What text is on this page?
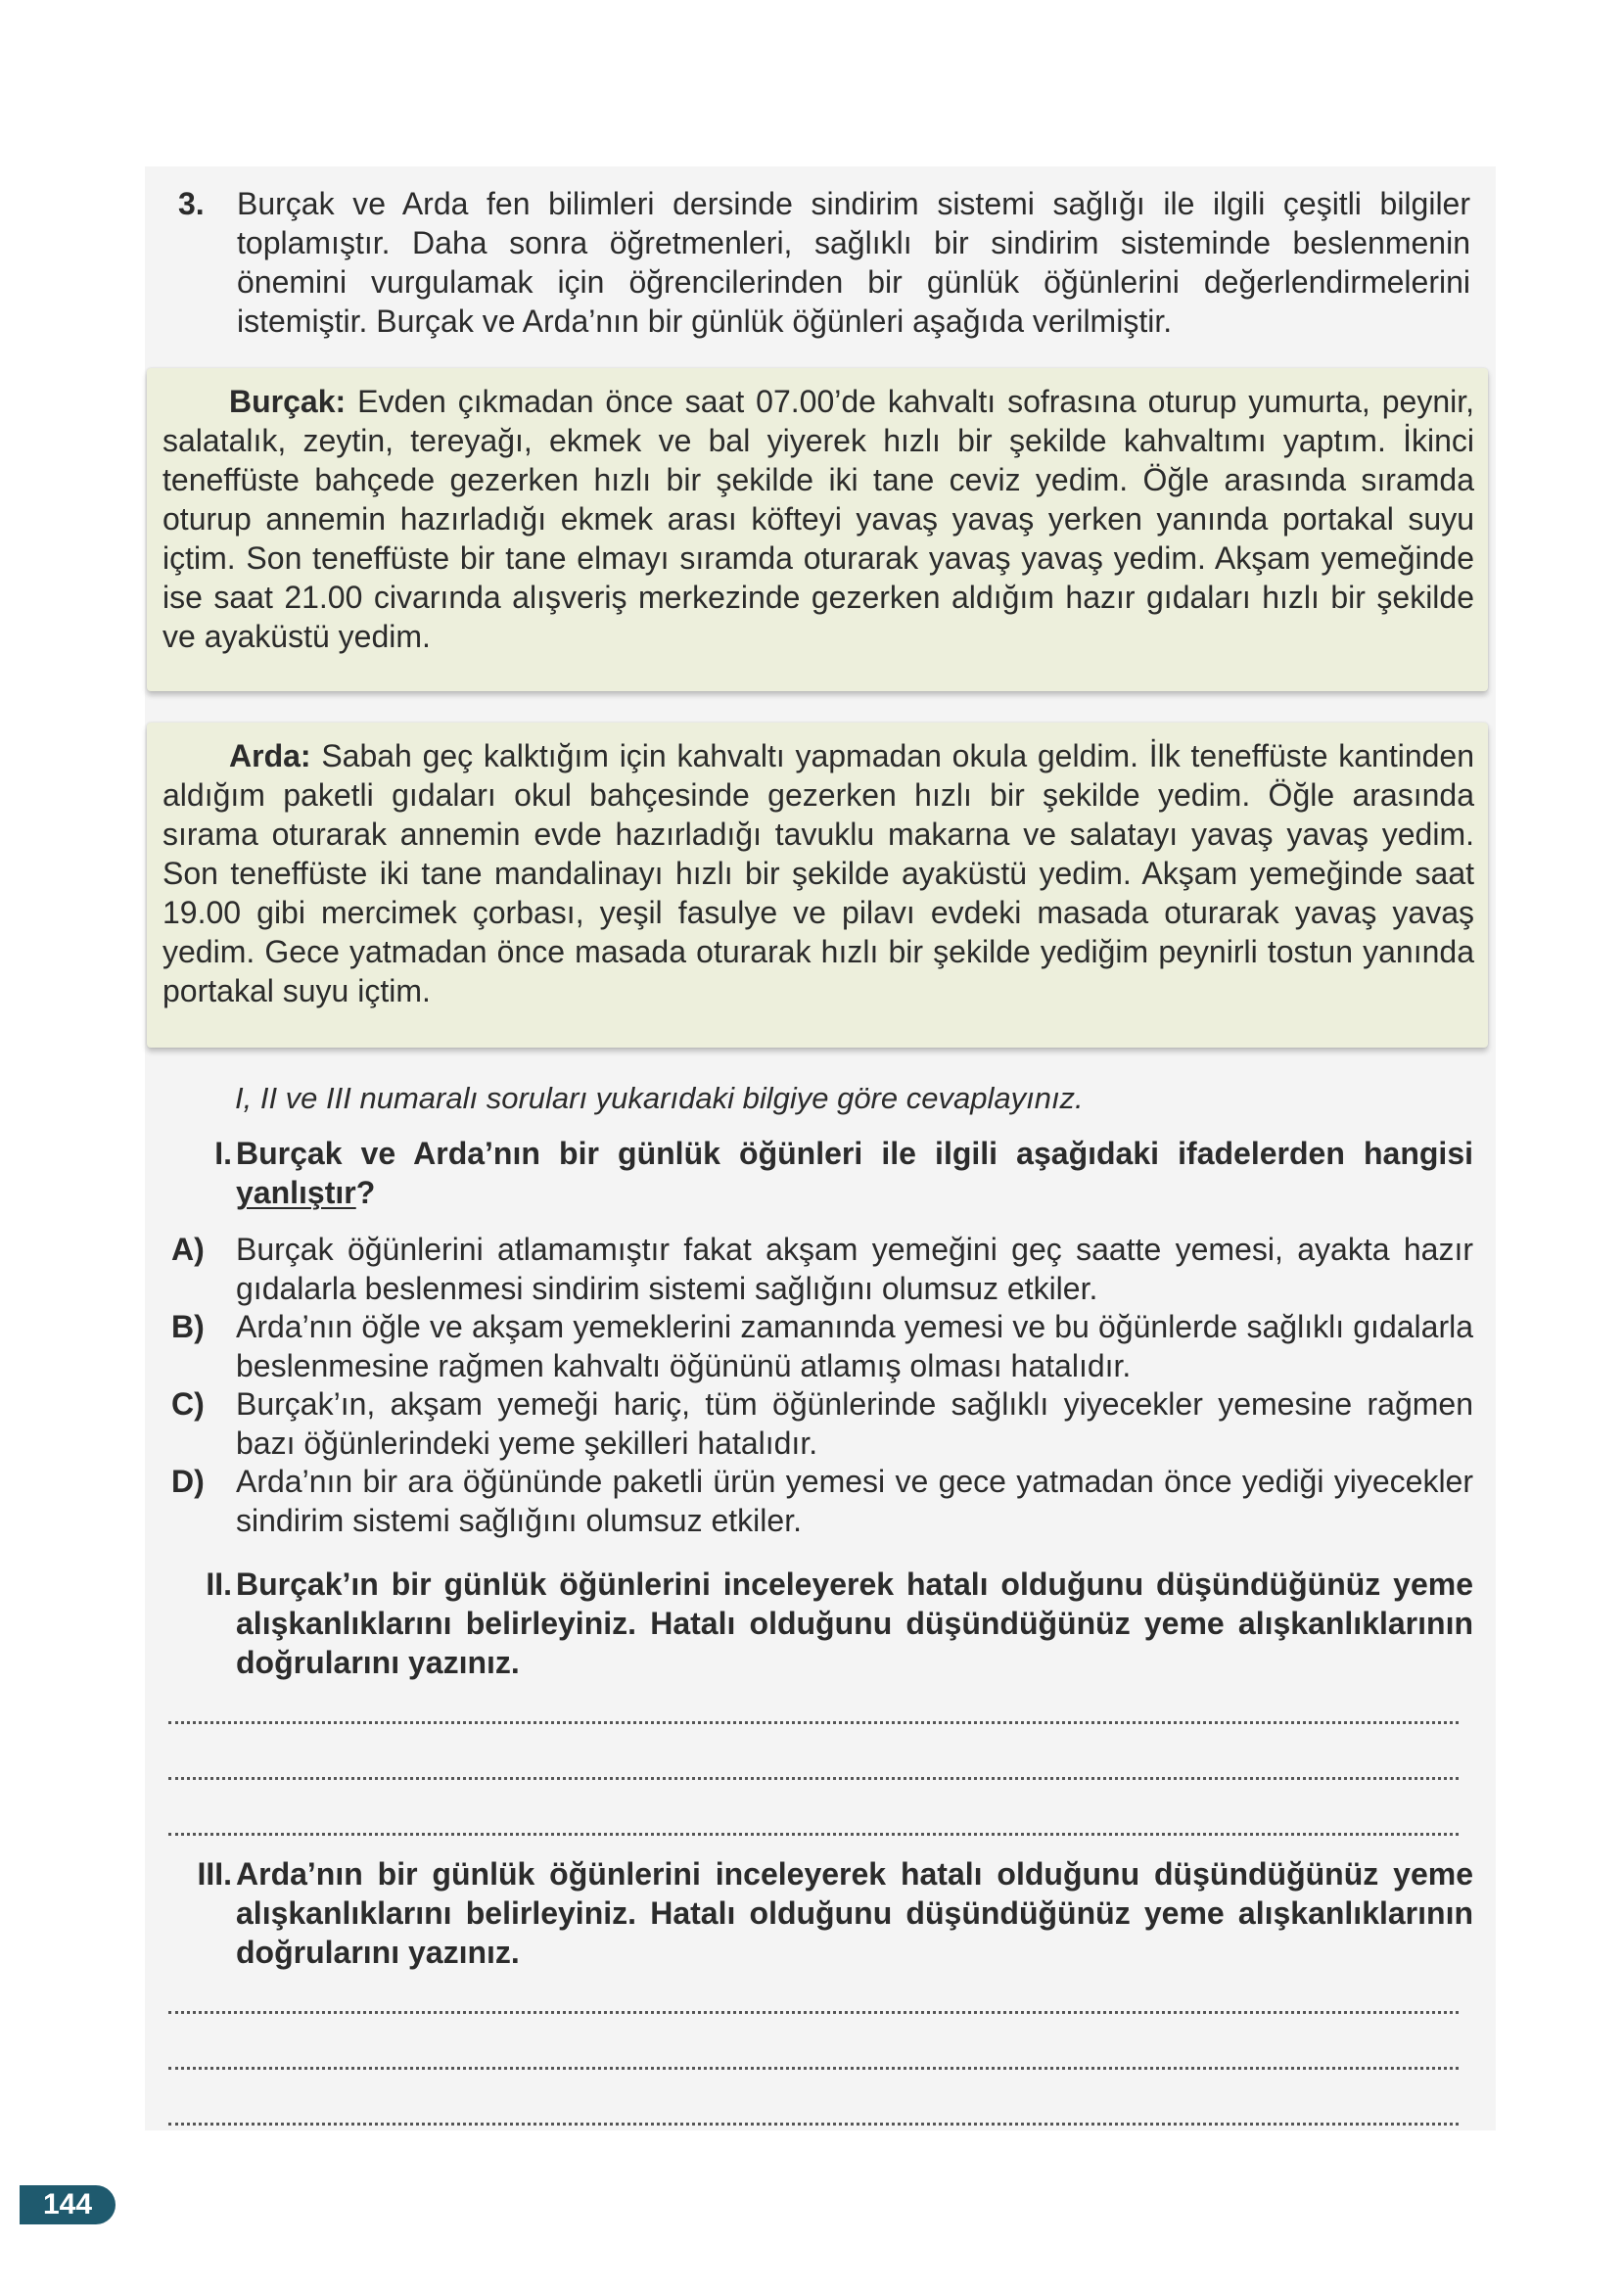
3. Burçak ve Arda fen bilimleri dersinde sindirim sistemi sağlığı ile ilgili çeşitli bilgiler toplamıştır. Daha sonra öğretmenleri, sağlıklı bir sindirim sisteminde beslenmenin önemini vurgulamak için öğrencilerinden bir günlük öğünlerini değerlendirmelerini istemiştir. Burçak ve Arda’nın bir günlük öğünleri aşağıda verilmiştir.
Burçak: Evden çıkmadan önce saat 07.00’de kahvaltı sofrasına oturup yumurta, peynir, salatalık, zeytin, tereyağı, ekmek ve bal yiyerek hızlı bir şekilde kahvaltımı yaptım. İkinci teneffüste bahçede gezerken hızlı bir şekilde iki tane ceviz yedim. Öğle arasında sıramda oturup annemin hazırladığı ekmek arası köfteyi yavaş yavaş yerken yanında portakal suyu içtim. Son teneffüste bir tane elmayı sıramda oturarak yavaş yavaş yedim. Akşam yemeğinde ise saat 21.00 civarında alışveriş merkezinde gezerken aldığım hazır gıdaları hızlı bir şekilde ve ayaküstü yedim.
Arda: Sabah geç kalktığım için kahvaltı yapmadan okula geldim. İlk teneffüste kantinden aldığım paketli gıdaları okul bahçesinde gezerken hızlı bir şekilde yedim. Öğle arasında sırama oturarak annemin evde hazırladığı tavuklu makarna ve salatayı yavaş yavaş yedim. Son teneffüste iki tane mandalinayı hızlı bir şekilde ayaküstü yedim. Akşam yemeğinde saat 19.00 gibi mercimek çorbası, yeşil fasulye ve pilavı evdeki masada oturarak yavaş yavaş yedim. Gece yatmadan önce masada oturarak hızlı bir şekilde yediğim peynirli tostun yanında portakal suyu içtim.
I, II ve III numaralı soruları yukarıdaki bilgiye göre cevaplayınız.
I. Burçak ve Arda’nın bir günlük öğünleri ile ilgili aşağıdaki ifadelerden hangisi yanlıştır?
A) Burçak öğünlerini atlamamıştır fakat akşam yemeğini geç saatte yemesi, ayakta hazır gıdalarla beslenmesi sindirim sistemi sağlığını olumsuz etkiler.
B) Arda’nın öğle ve akşam yemeklerini zamanında yemesi ve bu öğünlerde sağlıklı gıdalarla beslenmesine rağmen kahvaltı öğününü atlamış olması hatalıdır.
C) Burçak’ın, akşam yemeği hariç, tüm öğünlerinde sağlıklı yiyecekler yemesine rağmen bazı öğünlerindeki yeme şekilleri hatalıdır.
D) Arda’nın bir ara öğününde paketli ürün yemesi ve gece yatmadan önce yediği yiyecekler sindirim sistemi sağlığını olumsuz etkiler.
II. Burçak’ın bir günlük öğünlerini inceleyerek hatalı olduğunu düşündüğünüz yeme alışkanlıklarını belirleyiniz. Hatalı olduğunu düşündüğünüz yeme alışkanlıklarının doğrularını yazınız.
III. Arda’nın bir günlük öğünlerini inceleyerek hatalı olduğunu düşündüğünüz yeme alışkanlıklarını belirleyiniz. Hatalı olduğunu düşündüğünüz yeme alışkanlıklarının doğrularını yazınız.
144
